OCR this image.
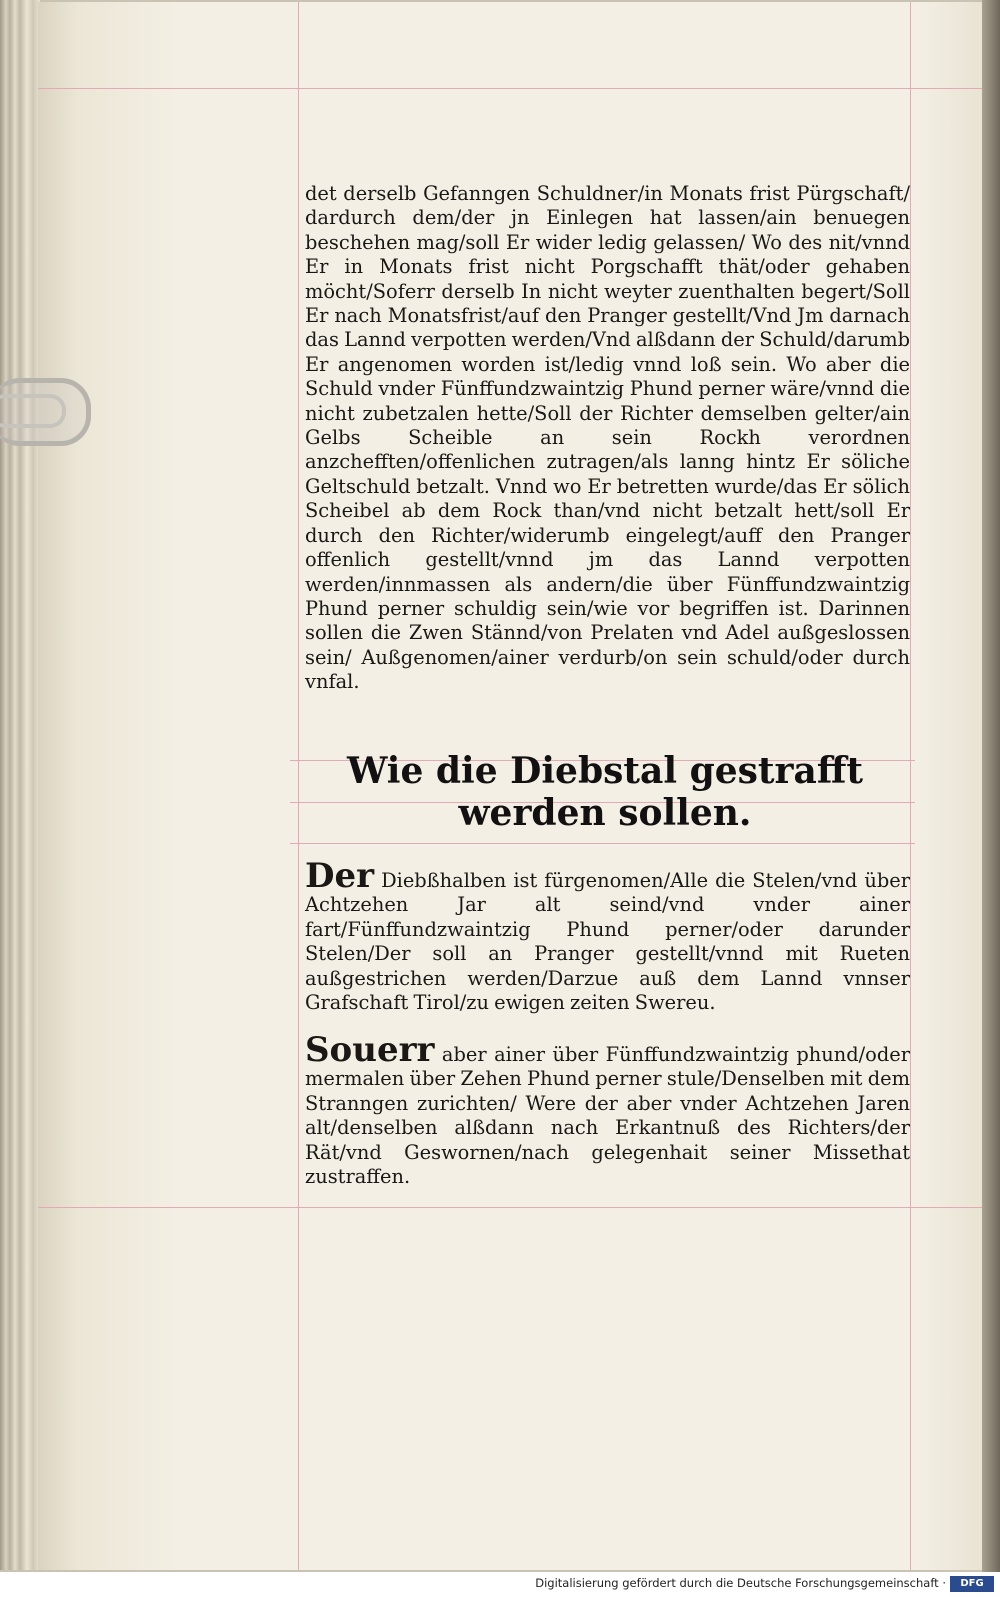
det derselb Gefanngen Schuldner/in Monats frist Pürgschaft/ dardurch dem/der jn Einlegen hat lassen/ain benuegen beschehen mag/soll Er wider ledig gelassen/ Wo des nit/vnnd Er in Monats frist nicht Porgschafft thät/oder gehaben möcht/Soferr derselb In nicht weyter zuenthalten begert/Soll Er nach Monatsfrist/auf den Pranger gestellt/Vnd Jm darnach das Lannd verpotten werden/Vnd alßdann der Schuld/darumb Er angenomen worden ist/ledig vnnd loß sein. Wo aber die Schuld vnder Fünffundzwaintzig Phund perner wäre/vnnd die nicht zubetzalen hette/Soll der Richter demselben gelter/ain Gelbs Scheible an sein Rockh verordnen anzchefften/offenlichen zutragen/als lanng hintz Er söliche Geltschuld betzalt. Vnnd wo Er betretten wurde/das Er sölich Scheibel ab dem Rock than/vnd nicht betzalt hett/soll Er durch den Richter/widerumb eingelegt/auff den Pranger offenlich gestellt/vnnd jm das Lannd verpotten werden/innmassen als andern/die über Fünffundzwaintzig Phund perner schuldig sein/wie vor begriffen ist. Darinnen sollen die Zwen Stännd/von Prelaten vnd Adel außgeslossen sein/ Außgenomen/ainer verdurb/on sein schuld/oder durch vnfal.
Wie die Diebstal gestrafft
werden sollen.
Der Diebßhalben ist fürgenomen/Alle die Stelen/vnd über Achtzehen Jar alt seind/vnd vnder ainer fart/Fünffundzwaintzig Phund perner/oder darunder Stelen/Der soll an Pranger gestellt/vnnd mit Rueten außgestrichen werden/Darzue auß dem Lannd vnnser Grafschaft Tirol/zu ewigen zeiten Swereu.
Souerr aber ainer über Fünffundzwaintzig phund/oder mermalen über Zehen Phund perner stule/Denselben mit dem Stranngen zurichten/ Were der aber vnder Achtzehen Jaren alt/denselben alßdann nach Erkantnuß des Richters/der Rät/vnd Geswornen/nach gelegenhait seiner Missethat zustraffen.
Digitalisierung gefördert durch die Deutsche Forschungsgemeinschaft ·	DFG
